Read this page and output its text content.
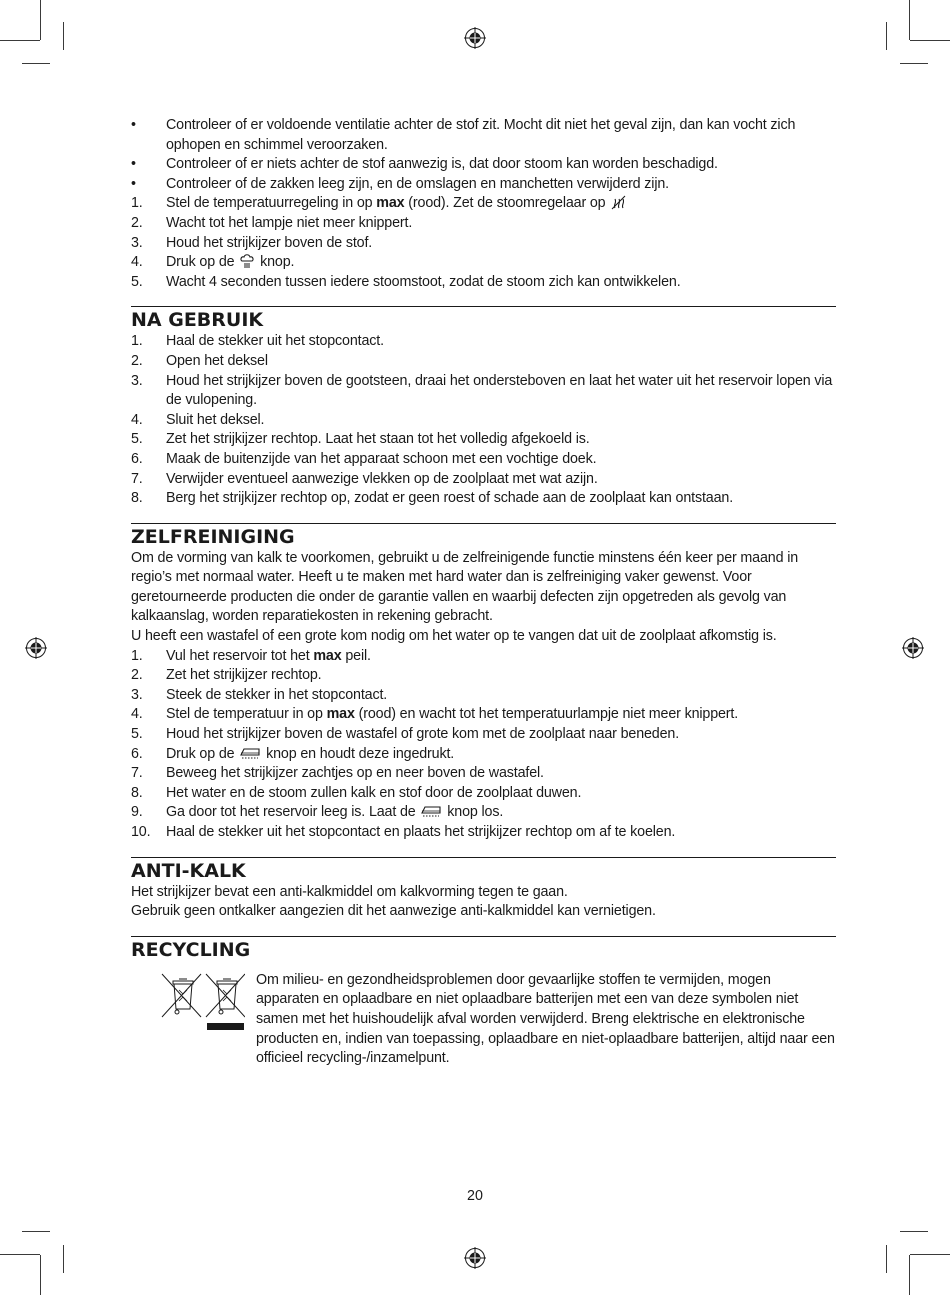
• Controleer of er voldoende ventilatie achter de stof zit. Mocht dit niet het geval zijn, dan kan vocht zich ophopen en schimmel veroorzaken.
• Controleer of er niets achter de stof aanwezig is, dat door stoom kan worden beschadigd.
• Controleer of de zakken leeg zijn, en de omslagen en manchetten verwijderd zijn.
1. Stel de temperatuurregeling in op max (rood). Zet de stoomregelaar op
2. Wacht tot het lampje niet meer knippert.
3. Houd het strijkijzer boven de stof.
4. Druk op de  knop.
5. Wacht 4 seconden tussen iedere stoomstoot, zodat de stoom zich kan ontwikkelen.
NA GEBRUIK
1. Haal de stekker uit het stopcontact.
2. Open het deksel
3. Houd het strijkijzer boven de gootsteen, draai het ondersteboven en laat het water uit het reservoir lopen via de vulopening.
4. Sluit het deksel.
5. Zet het strijkijzer rechtop. Laat het staan tot het volledig afgekoeld is.
6. Maak de buitenzijde van het apparaat schoon met een vochtige doek.
7. Verwijder eventueel aanwezige vlekken op de zoolplaat met wat azijn.
8. Berg het strijkijzer rechtop op, zodat er geen roest of schade aan de zoolplaat kan ontstaan.
ZELFREINIGING
Om de vorming van kalk te voorkomen, gebruikt u de zelfreinigende functie minstens één keer per maand in regio’s met normaal water. Heeft u te maken met hard water dan is zelfreiniging vaker gewenst. Voor geretourneerde producten die onder de garantie vallen en waarbij defecten zijn opgetreden als gevolg van kalkaanslag, worden reparatiekosten in rekening gebracht.
U heeft een wastafel of een grote kom nodig om het water op te vangen dat uit de zoolplaat afkomstig is.
1. Vul het reservoir tot het max peil.
2. Zet het strijkijzer rechtop.
3. Steek de stekker in het stopcontact.
4. Stel de temperatuur in op max (rood) en wacht tot het temperatuurlampje niet meer knippert.
5. Houd het strijkijzer boven de wastafel of grote kom met de zoolplaat naar beneden.
6. Druk op de  knop en houdt deze ingedrukt.
7. Beweeg het strijkijzer zachtjes op en neer boven de wastafel.
8. Het water en de stoom zullen kalk en stof door de zoolplaat duwen.
9. Ga door tot het reservoir leeg is. Laat de  knop los.
10. Haal de stekker uit het stopcontact en plaats het strijkijzer rechtop om af te koelen.
ANTI-KALK
Het strijkijzer bevat een anti-kalkmiddel om kalkvorming tegen te gaan.
Gebruik geen ontkalker aangezien dit het aanwezige anti-kalkmiddel kan vernietigen.
RECYCLING
Om milieu- en gezondheidsproblemen door gevaarlijke stoffen te vermijden, mogen apparaten en oplaadbare en niet oplaadbare batterijen met een van deze symbolen niet samen met het huishoudelijk afval worden verwijderd. Breng elektrische en elektronische producten en, indien van toepassing, oplaadbare en niet-oplaadbare batterijen, altijd naar een officieel recycling-/inzamelpunt.
20
